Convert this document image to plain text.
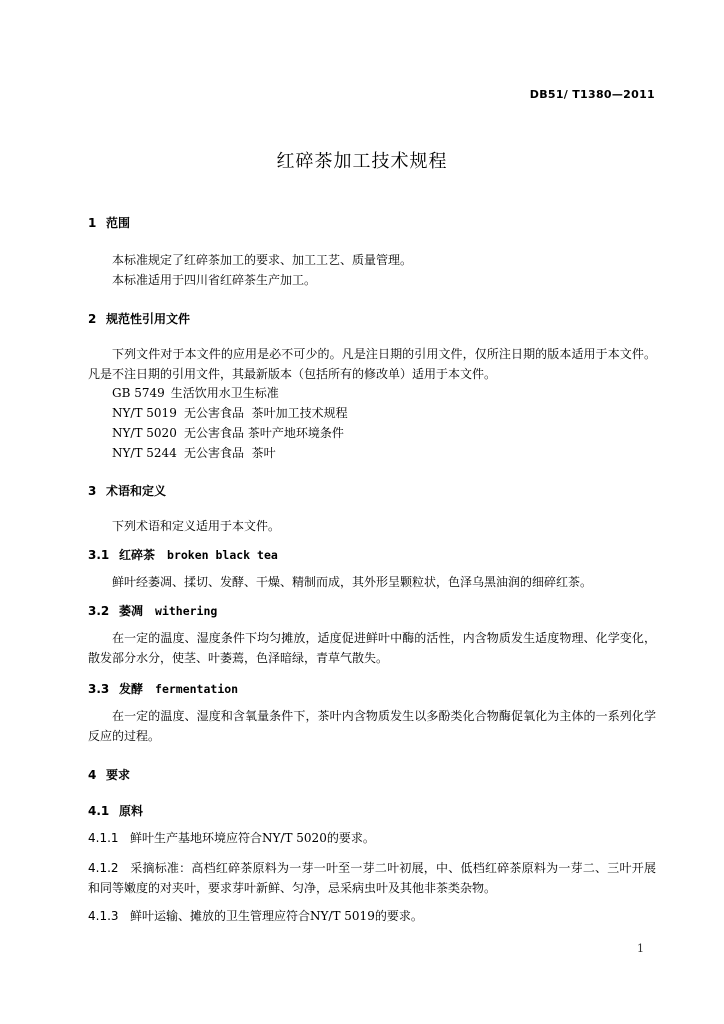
DB51/ T1380—2011
红碎茶加工技术规程
1 范围
本标准规定了红碎茶加工的要求、加工工艺、质量管理。
本标准适用于四川省红碎茶生产加工。
2 规范性引用文件
下列文件对于本文件的应用是必不可少的。凡是注日期的引用文件，仅所注日期的版本适用于本文件。凡是不注日期的引用文件，其最新版本（包括所有的修改单）适用于本文件。
GB 5749 生活饮用水卫生标准
NY/T 5019 无公害食品  茶叶加工技术规程
NY/T 5020 无公害食品 茶叶产地环境条件
NY/T 5244 无公害食品  茶叶
3 术语和定义
下列术语和定义适用于本文件。
3.1 红碎茶 broken black tea
鲜叶经萎凋、揉切、发酵、干燥、精制而成，其外形呈颗粒状，色泽乌黑油润的细碎红茶。
3.2 萎凋 withering
在一定的温度、湿度条件下均匀摊放，适度促进鲜叶中酶的活性，内含物质发生适度物理、化学变化，散发部分水分，使茎、叶萎蔫，色泽暗绿，青草气散失。
3.3 发酵 fermentation
在一定的温度、湿度和含氧量条件下，茶叶内含物质发生以多酚类化合物酶促氧化为主体的一系列化学反应的过程。
4 要求
4.1 原料
4.1.1 鲜叶生产基地环境应符合NY/T 5020的要求。
4.1.2 采摘标准：高档红碎茶原料为一芽一叶至一芽二叶初展，中、低档红碎茶原料为一芽二、三叶开展和同等嫩度的对夹叶，要求芽叶新鲜、匀净，忌采病虫叶及其他非茶类杂物。
4.1.3 鲜叶运输、摊放的卫生管理应符合NY/T 5019的要求。
1
